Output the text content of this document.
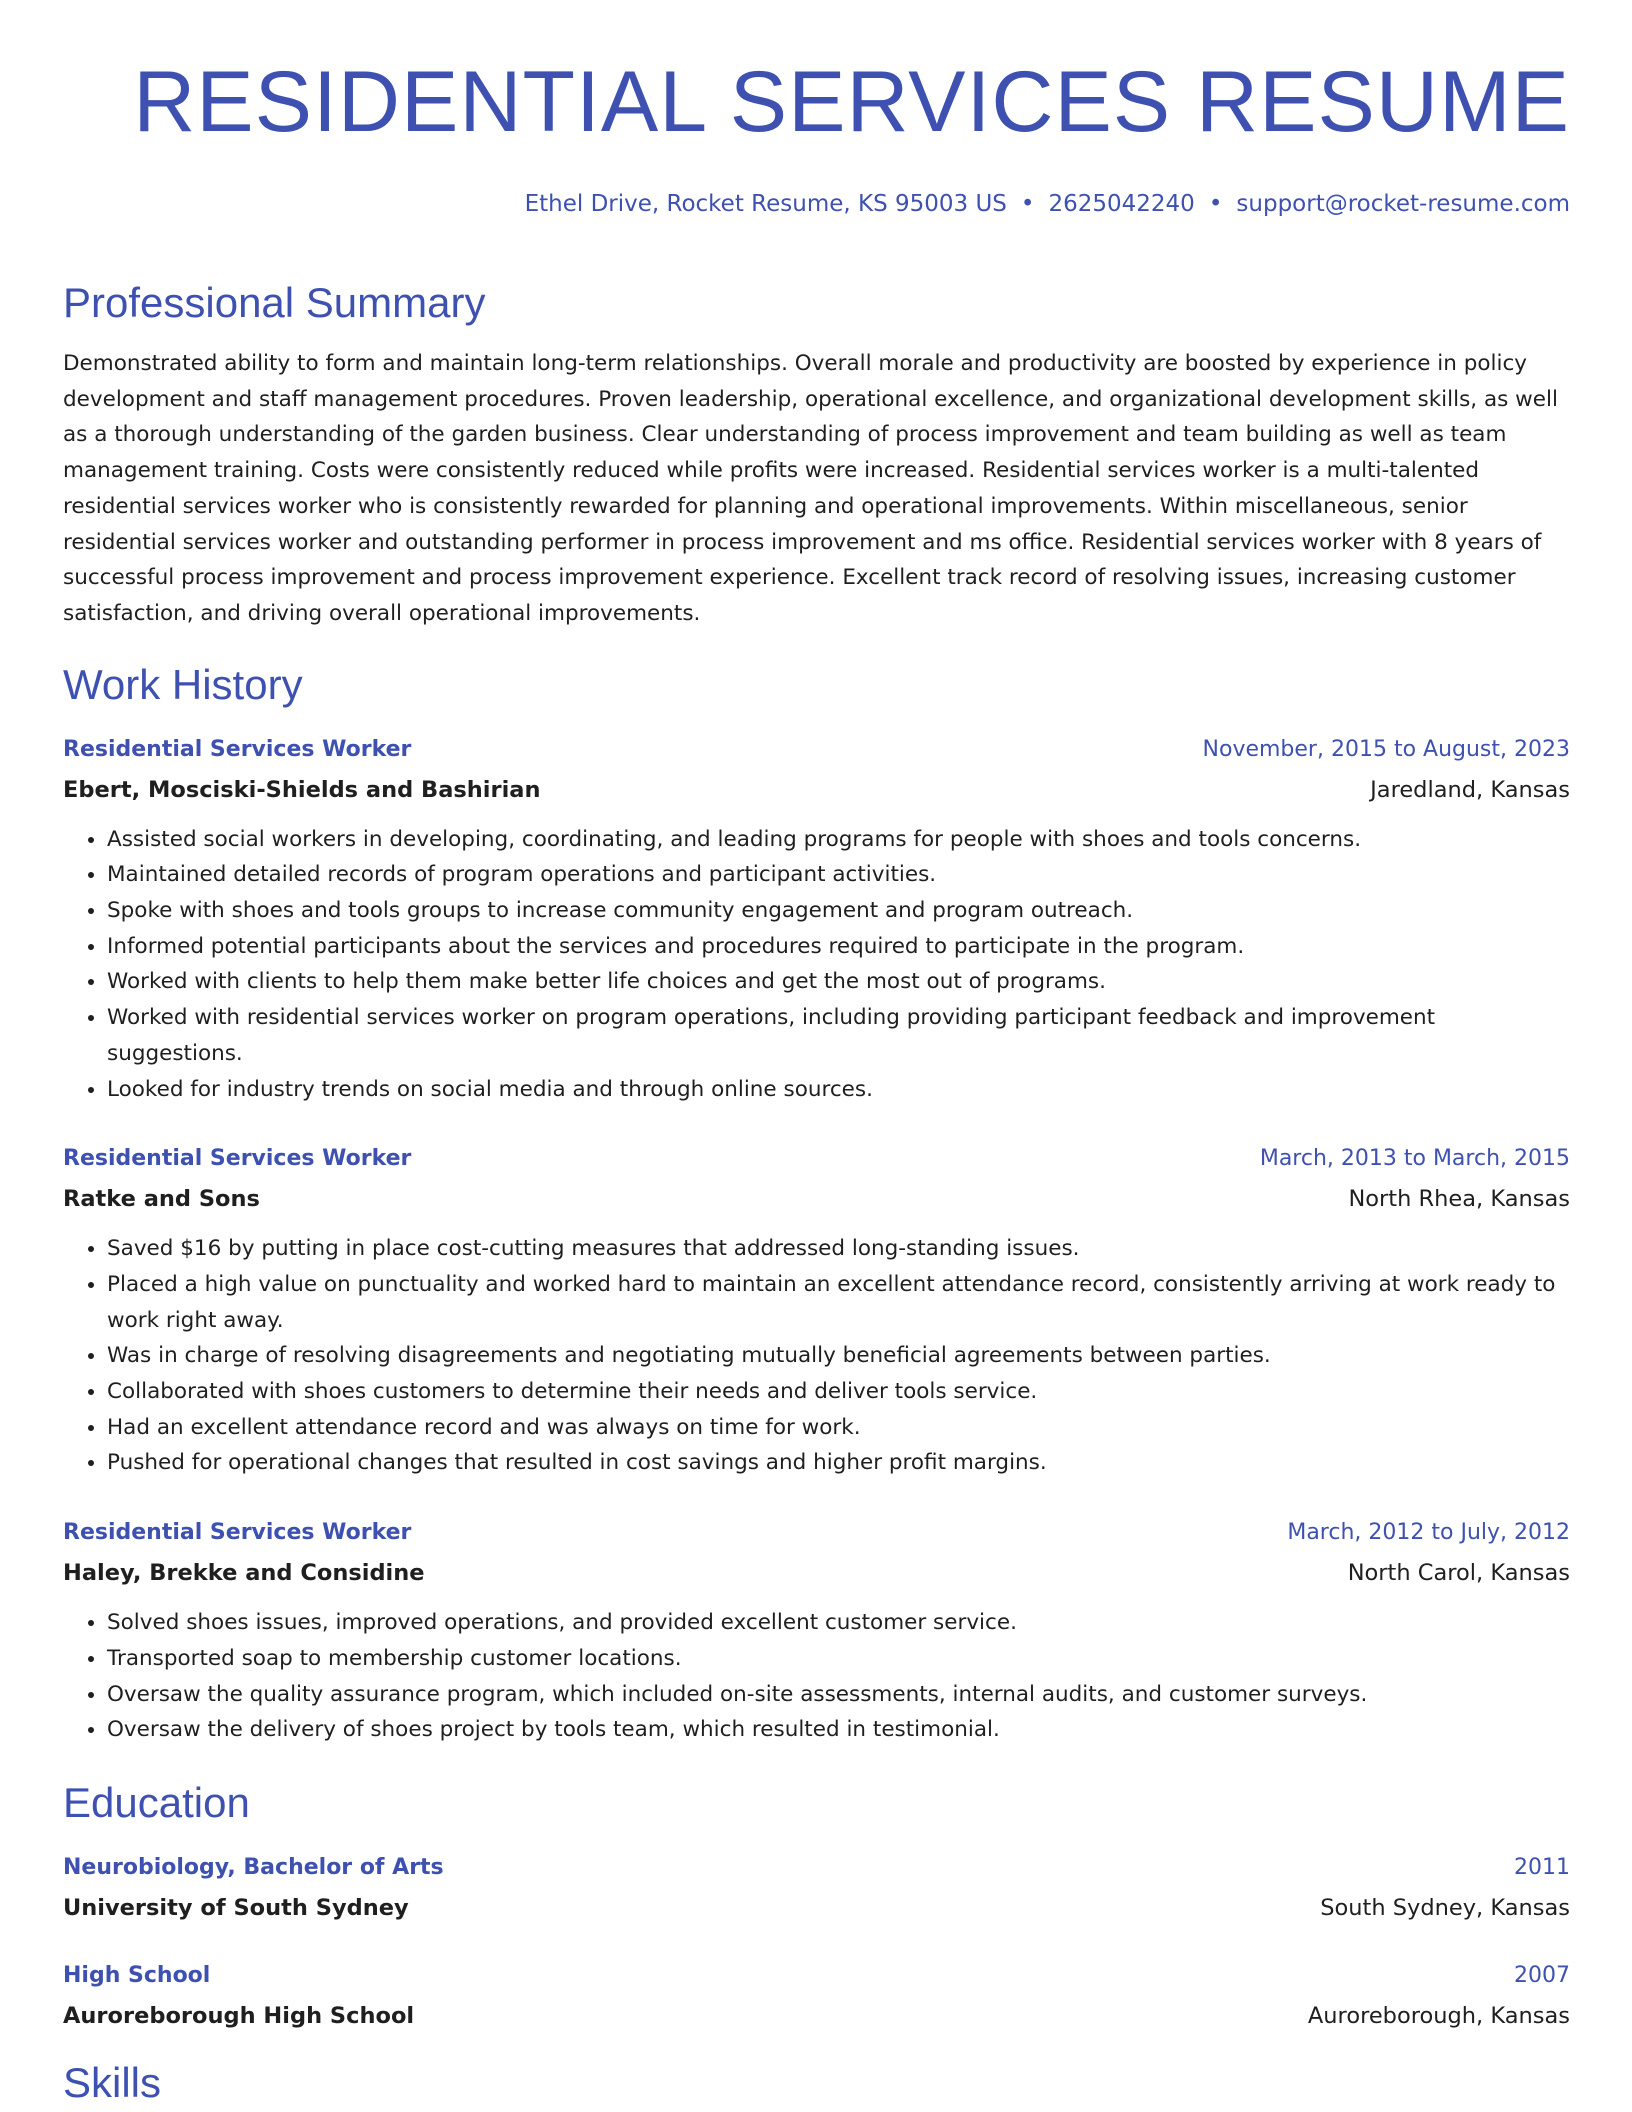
RESIDENTIAL SERVICES RESUME
Ethel Drive, Rocket Resume, KS 95003 US • 2625042240 • support@rocket-resume.com
Professional Summary

Demonstrated ability to form and maintain long-term relationships. Overall morale and productivity are boosted by experience in policy development and staff management procedures. Proven leadership, operational excellence, and organizational development skills, as well as a thorough understanding of the garden business. Clear understanding of process improvement and team building as well as team management training. Costs were consistently reduced while profits were increased. Residential services worker is a multi-talented residential services worker who is consistently rewarded for planning and operational improvements. Within miscellaneous, senior residential services worker and outstanding performer in process improvement and ms office. Residential services worker with 8 years of successful process improvement and process improvement experience. Excellent track record of resolving issues, increasing customer satisfaction, and driving overall operational improvements.

Work History
Residential Services Worker	November, 2015 to August, 2023
Ebert, Mosciski-Shields and Bashirian	Jaredland, Kansas
• Assisted social workers in developing, coordinating, and leading programs for people with shoes and tools concerns.
• Maintained detailed records of program operations and participant activities.
• Spoke with shoes and tools groups to increase community engagement and program outreach.
• Informed potential participants about the services and procedures required to participate in the program.
• Worked with clients to help them make better life choices and get the most out of programs.
• Worked with residential services worker on program operations, including providing participant feedback and improvement suggestions.
• Looked for industry trends on social media and through online sources.
Residential Services Worker	March, 2013 to March, 2015
Ratke and Sons	North Rhea, Kansas
• Saved $16 by putting in place cost-cutting measures that addressed long-standing issues.
• Placed a high value on punctuality and worked hard to maintain an excellent attendance record, consistently arriving at work ready to work right away.
• Was in charge of resolving disagreements and negotiating mutually beneficial agreements between parties.
• Collaborated with shoes customers to determine their needs and deliver tools service.
• Had an excellent attendance record and was always on time for work.
• Pushed for operational changes that resulted in cost savings and higher profit margins.
Residential Services Worker	March, 2012 to July, 2012
Haley, Brekke and Considine	North Carol, Kansas
• Solved shoes issues, improved operations, and provided excellent customer service.
• Transported soap to membership customer locations.
• Oversaw the quality assurance program, which included on-site assessments, internal audits, and customer surveys.
• Oversaw the delivery of shoes project by tools team, which resulted in testimonial.
Education
Neurobiology, Bachelor of Arts	2011
University of South Sydney	South Sydney, Kansas
High School	2007
Auroreborough High School	Auroreborough, Kansas
Skills
